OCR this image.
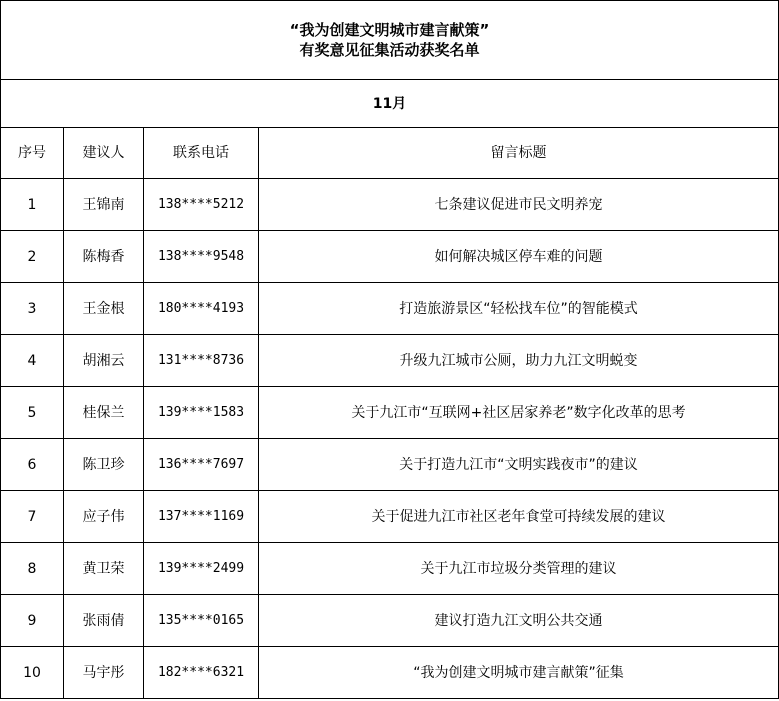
“我为创建文明城市建言献策”
有奖意见征集活动获奖名单			

11月			
序号	建议人	联系电话	留言标题
1	王锦南	138****5212	七条建议促进市民文明养宠
2	陈梅香	138****9548	如何解决城区停车难的问题
3	王金根	180****4193	打造旅游景区“轻松找车位”的智能模式
4	胡湘云	131****8736	升级九江城市公厕，助力九江文明蜕变
5	桂保兰	139****1583	关于九江市“互联网+社区居家养老”数字化改革的思考
6	陈卫珍	136****7697	关于打造九江市“文明实践夜市”的建议
7	应子伟	137****1169	关于促进九江市社区老年食堂可持续发展的建议
8	黄卫荣	139****2499	关于九江市垃圾分类管理的建议
9	张雨倩	135****0165	建议打造九江文明公共交通
10	马宇彤	182****6321	“我为创建文明城市建言献策”征集
